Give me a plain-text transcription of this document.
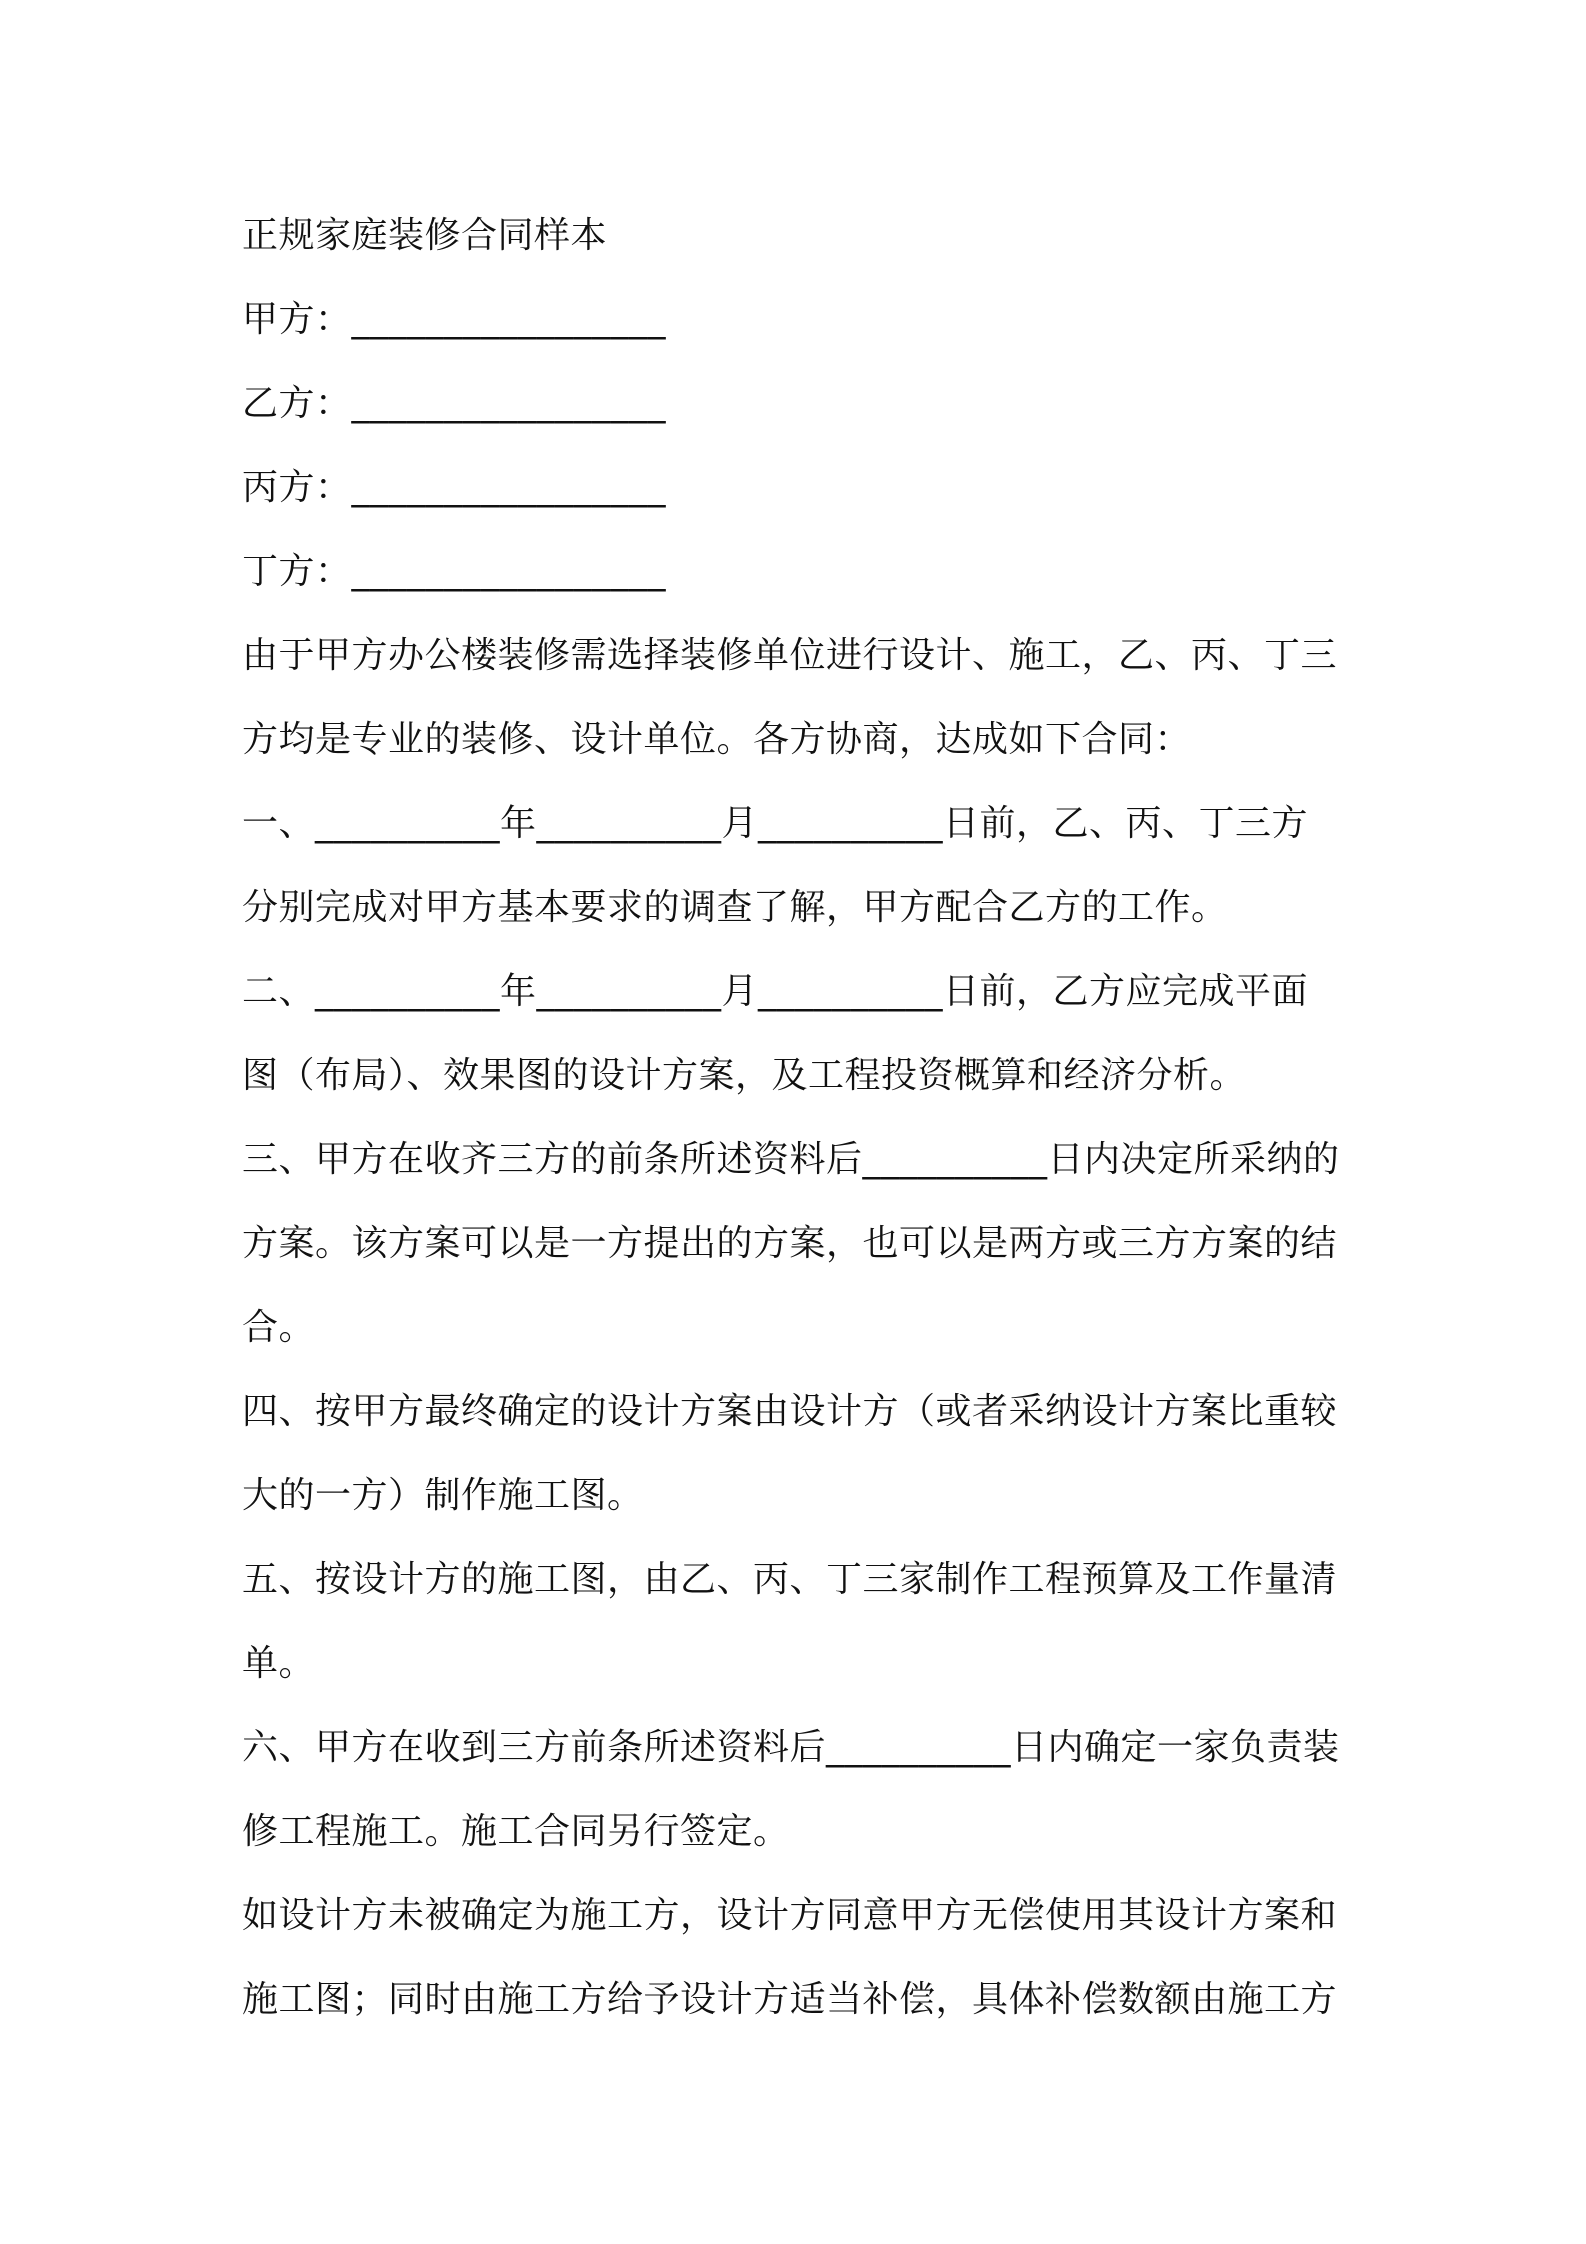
正规家庭装修合同样本
甲方：_________________
乙方：_________________
丙方：_________________
丁方：_________________
由于甲方办公楼装修需选择装修单位进行设计、施工，乙、丙、丁三
方均是专业的装修、设计单位。各方协商，达成如下合同：
一、__________年__________月__________日前，乙、丙、丁三方
分别完成对甲方基本要求的调查了解，甲方配合乙方的工作。
二、__________年__________月__________日前，乙方应完成平面
图（布局）、效果图的设计方案，及工程投资概算和经济分析。
三、甲方在收齐三方的前条所述资料后__________日内决定所采纳的
方案。该方案可以是一方提出的方案，也可以是两方或三方方案的结
合。
四、按甲方最终确定的设计方案由设计方（或者采纳设计方案比重较
大的一方）制作施工图。
五、按设计方的施工图，由乙、丙、丁三家制作工程预算及工作量清
单。
六、甲方在收到三方前条所述资料后__________日内确定一家负责装
修工程施工。施工合同另行签定。
如设计方未被确定为施工方，设计方同意甲方无偿使用其设计方案和
施工图；同时由施工方给予设计方适当补偿，具体补偿数额由施工方
